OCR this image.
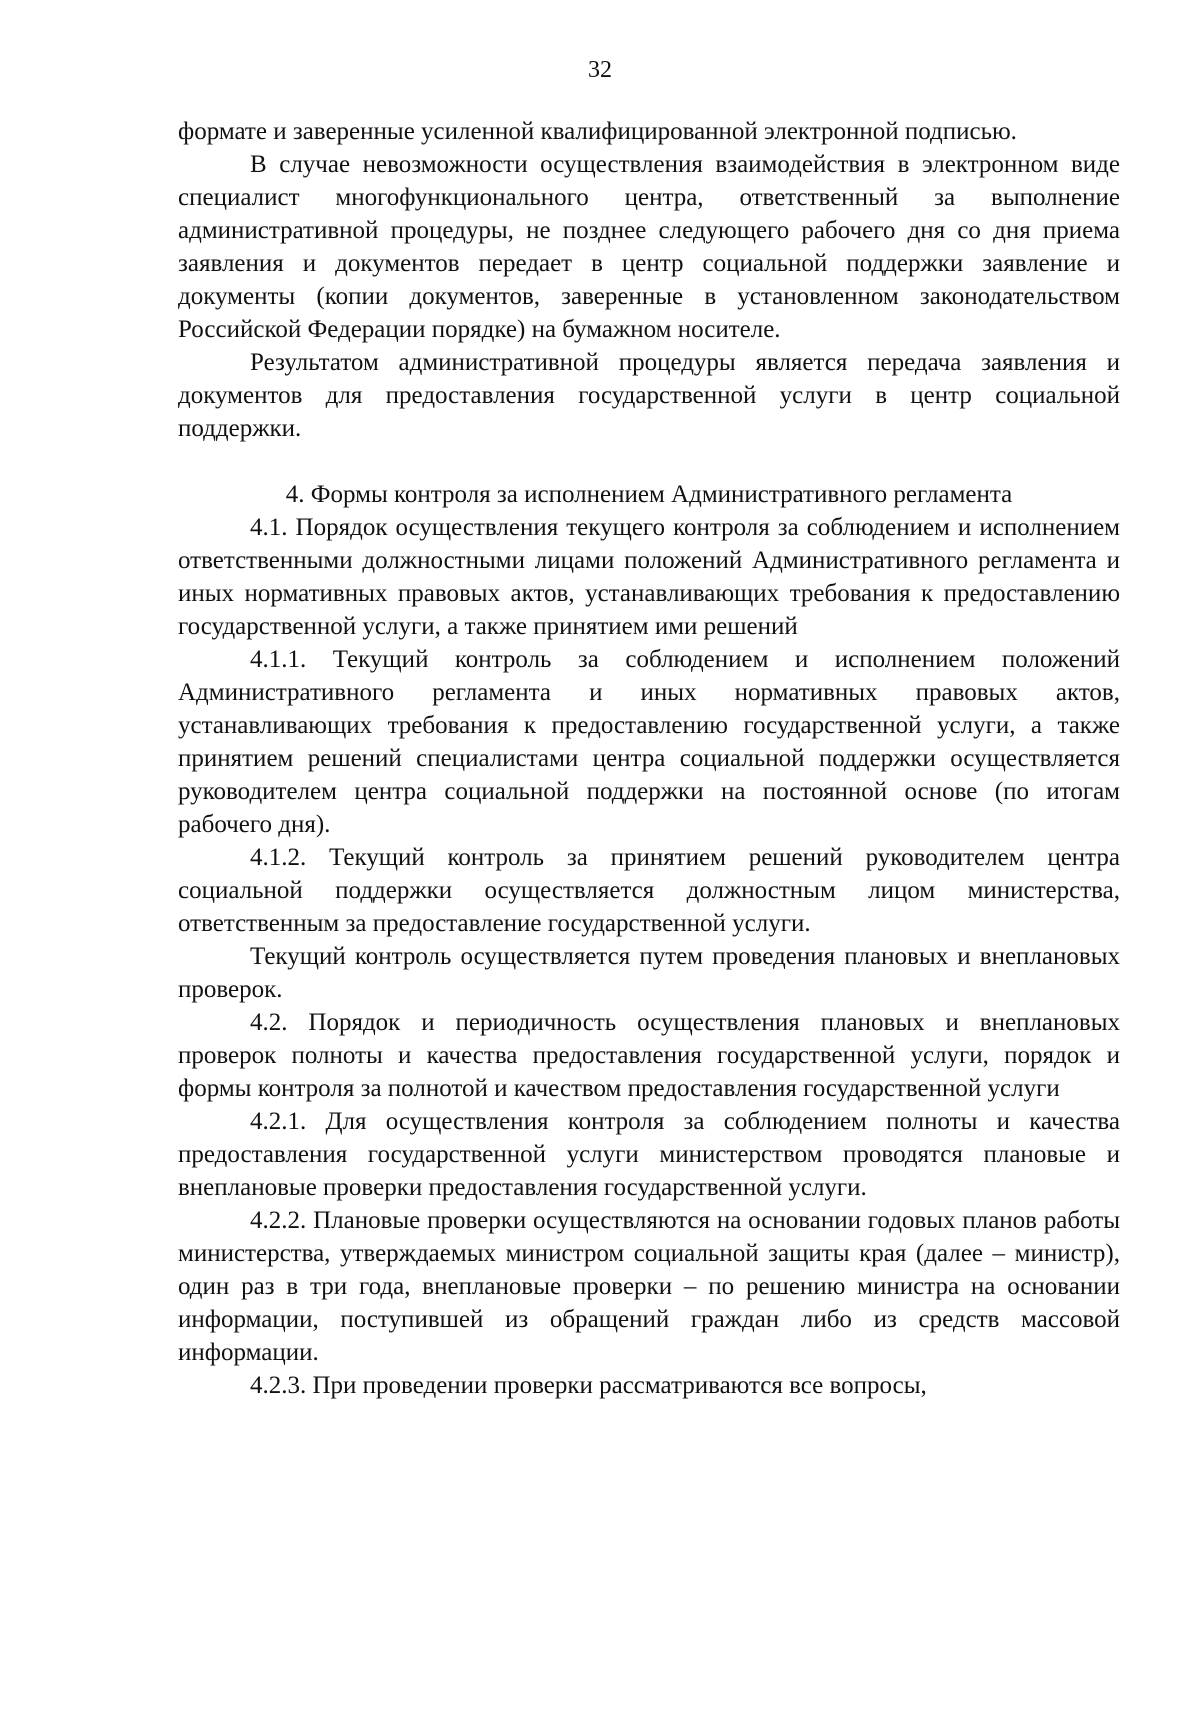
32

формате и заверенные усиленной квалифицированной электронной подписью.

В случае невозможности осуществления взаимодействия в электронном виде специалист многофункционального центра, ответственный за выполнение административной процедуры, не позднее следующего рабочего дня со дня приема заявления и документов передает в центр социальной поддержки заявление и документы (копии документов, заверенные в установленном законодательством Российской Федерации порядке) на бумажном носителе.

Результатом административной процедуры является передача заявления и документов для предоставления государственной услуги в центр социальной поддержки.

4. Формы контроля за исполнением Административного регламента

4.1. Порядок осуществления текущего контроля за соблюдением и исполнением ответственными должностными лицами положений Административного регламента и иных нормативных правовых актов, устанавливающих требования к предоставлению государственной услуги, а также принятием ими решений

4.1.1. Текущий контроль за соблюдением и исполнением положений Административного регламента и иных нормативных правовых актов, устанавливающих требования к предоставлению государственной услуги, а также принятием решений специалистами центра социальной поддержки осуществляется руководителем центра социальной поддержки на постоянной основе (по итогам рабочего дня).

4.1.2. Текущий контроль за принятием решений руководителем центра социальной поддержки осуществляется должностным лицом министерства, ответственным за предоставление государственной услуги.

Текущий контроль осуществляется путем проведения плановых и внеплановых проверок.

4.2. Порядок и периодичность осуществления плановых и внеплановых проверок полноты и качества предоставления государственной услуги, порядок и формы контроля за полнотой и качеством предоставления государственной услуги

4.2.1. Для осуществления контроля за соблюдением полноты и качества предоставления государственной услуги министерством проводятся плановые и внеплановые проверки предоставления государственной услуги.

4.2.2. Плановые проверки осуществляются на основании годовых планов работы министерства, утверждаемых министром социальной защиты края (далее – министр), один раз в три года, внеплановые проверки – по решению министра на основании информации, поступившей из обращений граждан либо из средств массовой информации.

4.2.3. При проведении проверки рассматриваются все вопросы,
